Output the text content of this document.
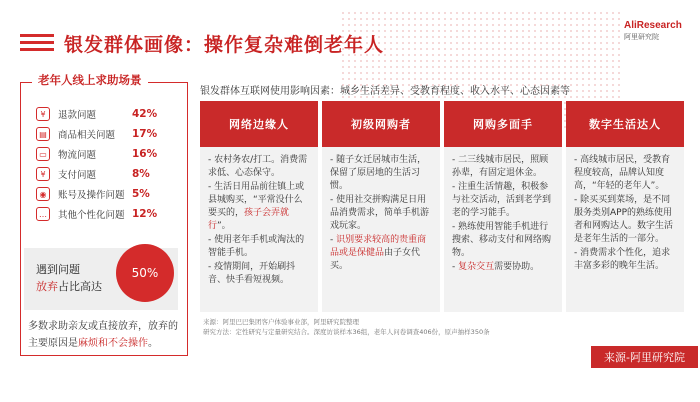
银发群体画像：操作复杂难倒老年人
AliResearch
阿里研究院
老年人线上求助场景
¥	退款问题	42%
▤	商品相关问题	17%
▭	物流问题	16%
¥	支付问题	8%
◉	账号及操作问题 5%
…	其他个性化问题 12%
遇到问题
放弃占比高达
50%
多数求助亲友或直接放弃，放弃的主要原因是麻烦和不会操作。
银发群体互联网使用影响因素：城乡生活差异、受教育程度、收入水平、心态因素等
网络边缘人

- 农村务农/打工。消费需求低、心态保守。

- 生活日用品前往镇上或县城购买，“平常没什么要买的，孩子会弄就行”。

- 使用老年手机或淘汰的智能手机。

- 疫情期间，开始刷抖音、快手看短视频。

初级网购者

- 随子女迁居城市生活，保留了原居地的生活习惯。

- 使用社交拼购满足日用品消费需求，简单手机游戏玩家。

- 识别要求较高的贵重商品或是保健品由子女代买。

网购多面手

- 二三线城市居民，照顾孙辈，有固定退休金。

- 注重生活情趣，积极参与社交活动，活到老学到老的学习能手。

- 熟练使用智能手机进行搜索、移动支付和网络购物。

- 复杂交互需要协助。

数字生活达人

- 高线城市居民，受教育程度较高，品牌认知度高，“年轻的老年人”。

- 除买买到菜场，是不同服务类别APP的熟练使用者和网购达人。数字生活是老年生活的一部分。

- 消费需求个性化，追求丰富多彩的晚年生活。

来源：阿里巴巴集团客户体验事业部，阿里研究院整理
研究方法：定性研究与定量研究结合。深度访谈样本36组，老年人问卷调查406份，原声抽样350条
来源-阿里研究院
